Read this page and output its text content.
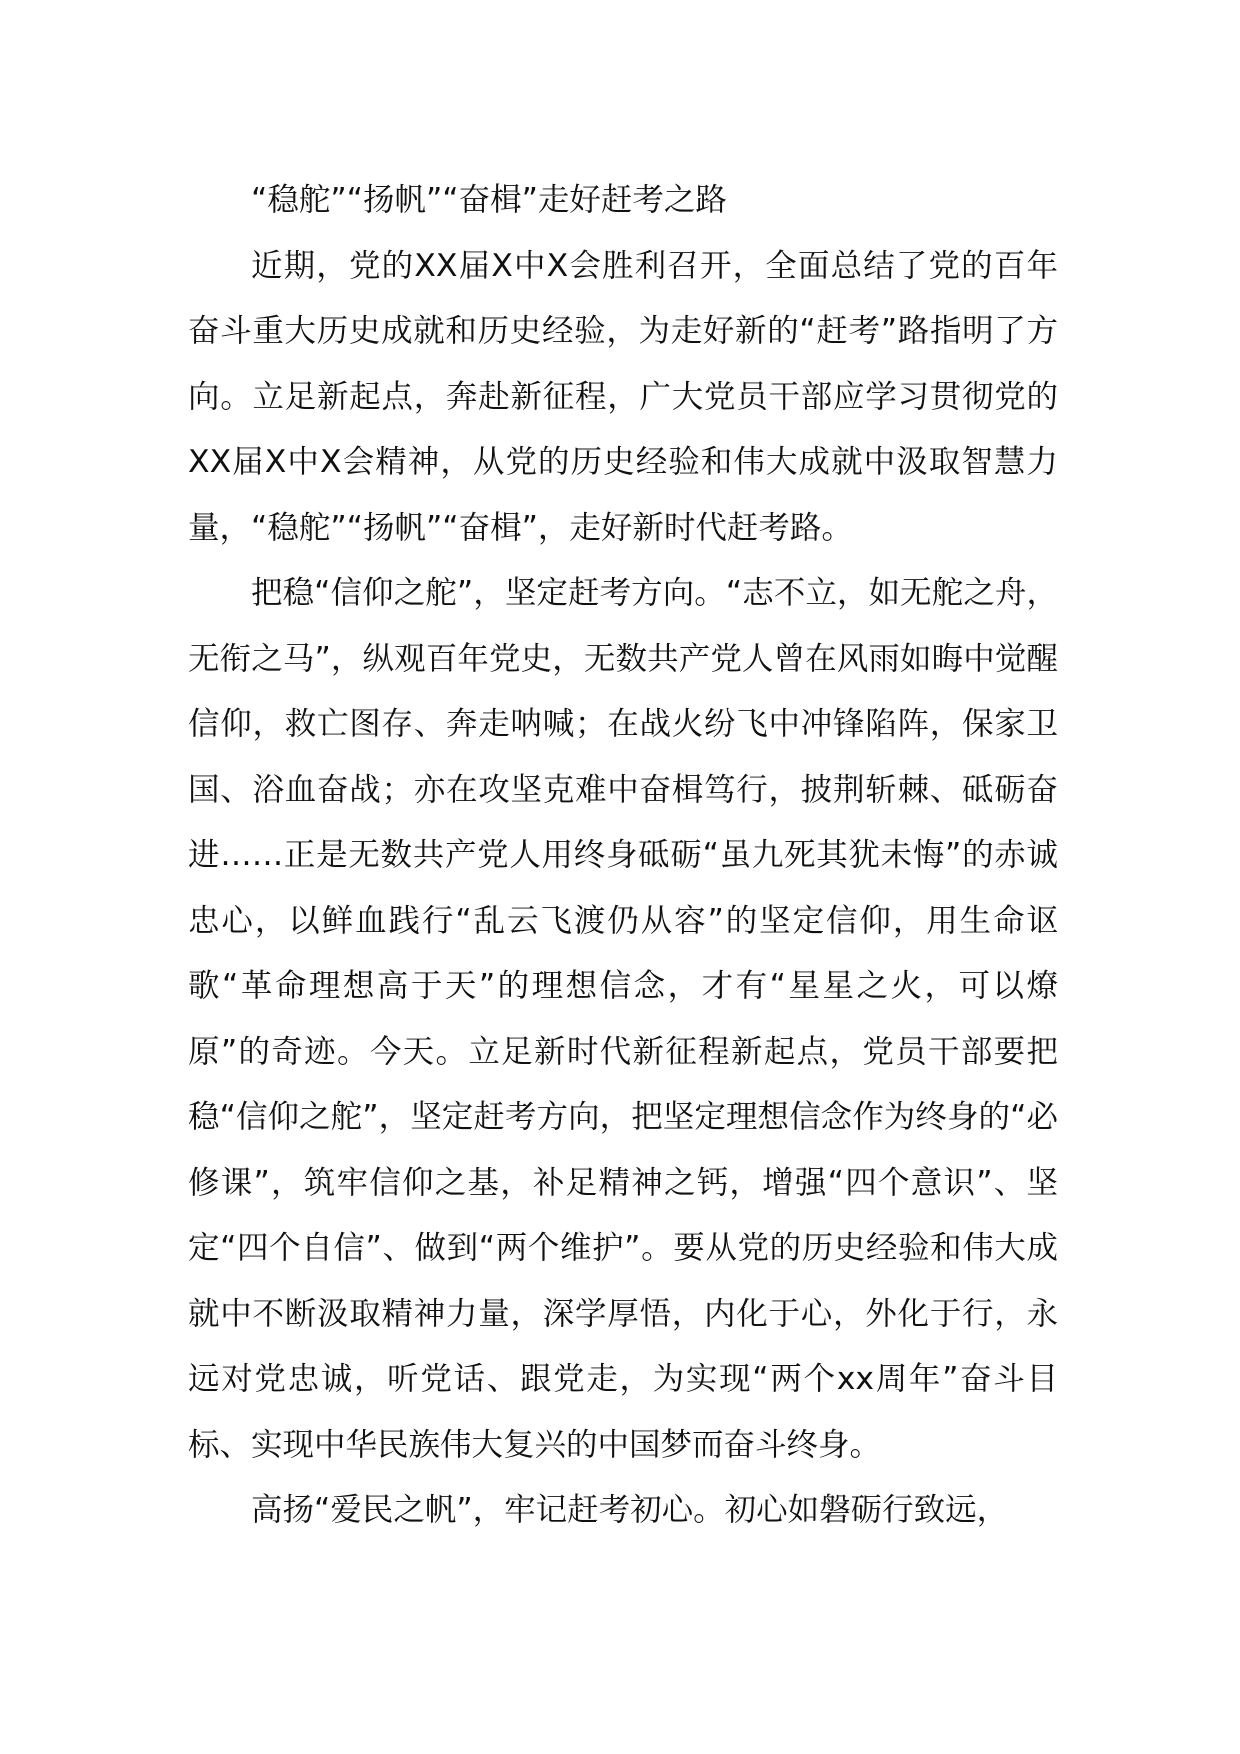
“稳舵”“扬帆”“奋楫”走好赶考之路

近期，党的XX届X中X会胜利召开，全面总结了党的百年奋斗重大历史成就和历史经验，为走好新的“赶考”路指明了方向。立足新起点，奔赴新征程，广大党员干部应学习贯彻党的XX届X中X会精神，从党的历史经验和伟大成就中汲取智慧力量，“稳舵”“扬帆”“奋楫”，走好新时代赶考路。

把稳“信仰之舵”，坚定赶考方向。“志不立，如无舵之舟，无衔之马”，纵观百年党史，无数共产党人曾在风雨如晦中觉醒信仰，救亡图存、奔走呐喊；在战火纷飞中冲锋陷阵，保家卫国、浴血奋战；亦在攻坚克难中奋楫笃行，披荆斩棘、砥砺奋进……正是无数共产党人用终身砥砺“虽九死其犹未悔”的赤诚忠心，以鲜血践行“乱云飞渡仍从容”的坚定信仰，用生命讴歌“革命理想高于天”的理想信念，才有“星星之火，可以燎原”的奇迹。今天。立足新时代新征程新起点，党员干部要把稳“信仰之舵”，坚定赶考方向，把坚定理想信念作为终身的“必修课”，筑牢信仰之基，补足精神之钙，增强“四个意识”、坚定“四个自信”、做到“两个维护”。要从党的历史经验和伟大成就中不断汲取精神力量，深学厚悟，内化于心，外化于行，永远对党忠诚，听党话、跟党走，为实现“两个xx周年”奋斗目标、实现中华民族伟大复兴的中国梦而奋斗终身。

高扬“爱民之帆”，牢记赶考初心。初心如磐砺行致远，
